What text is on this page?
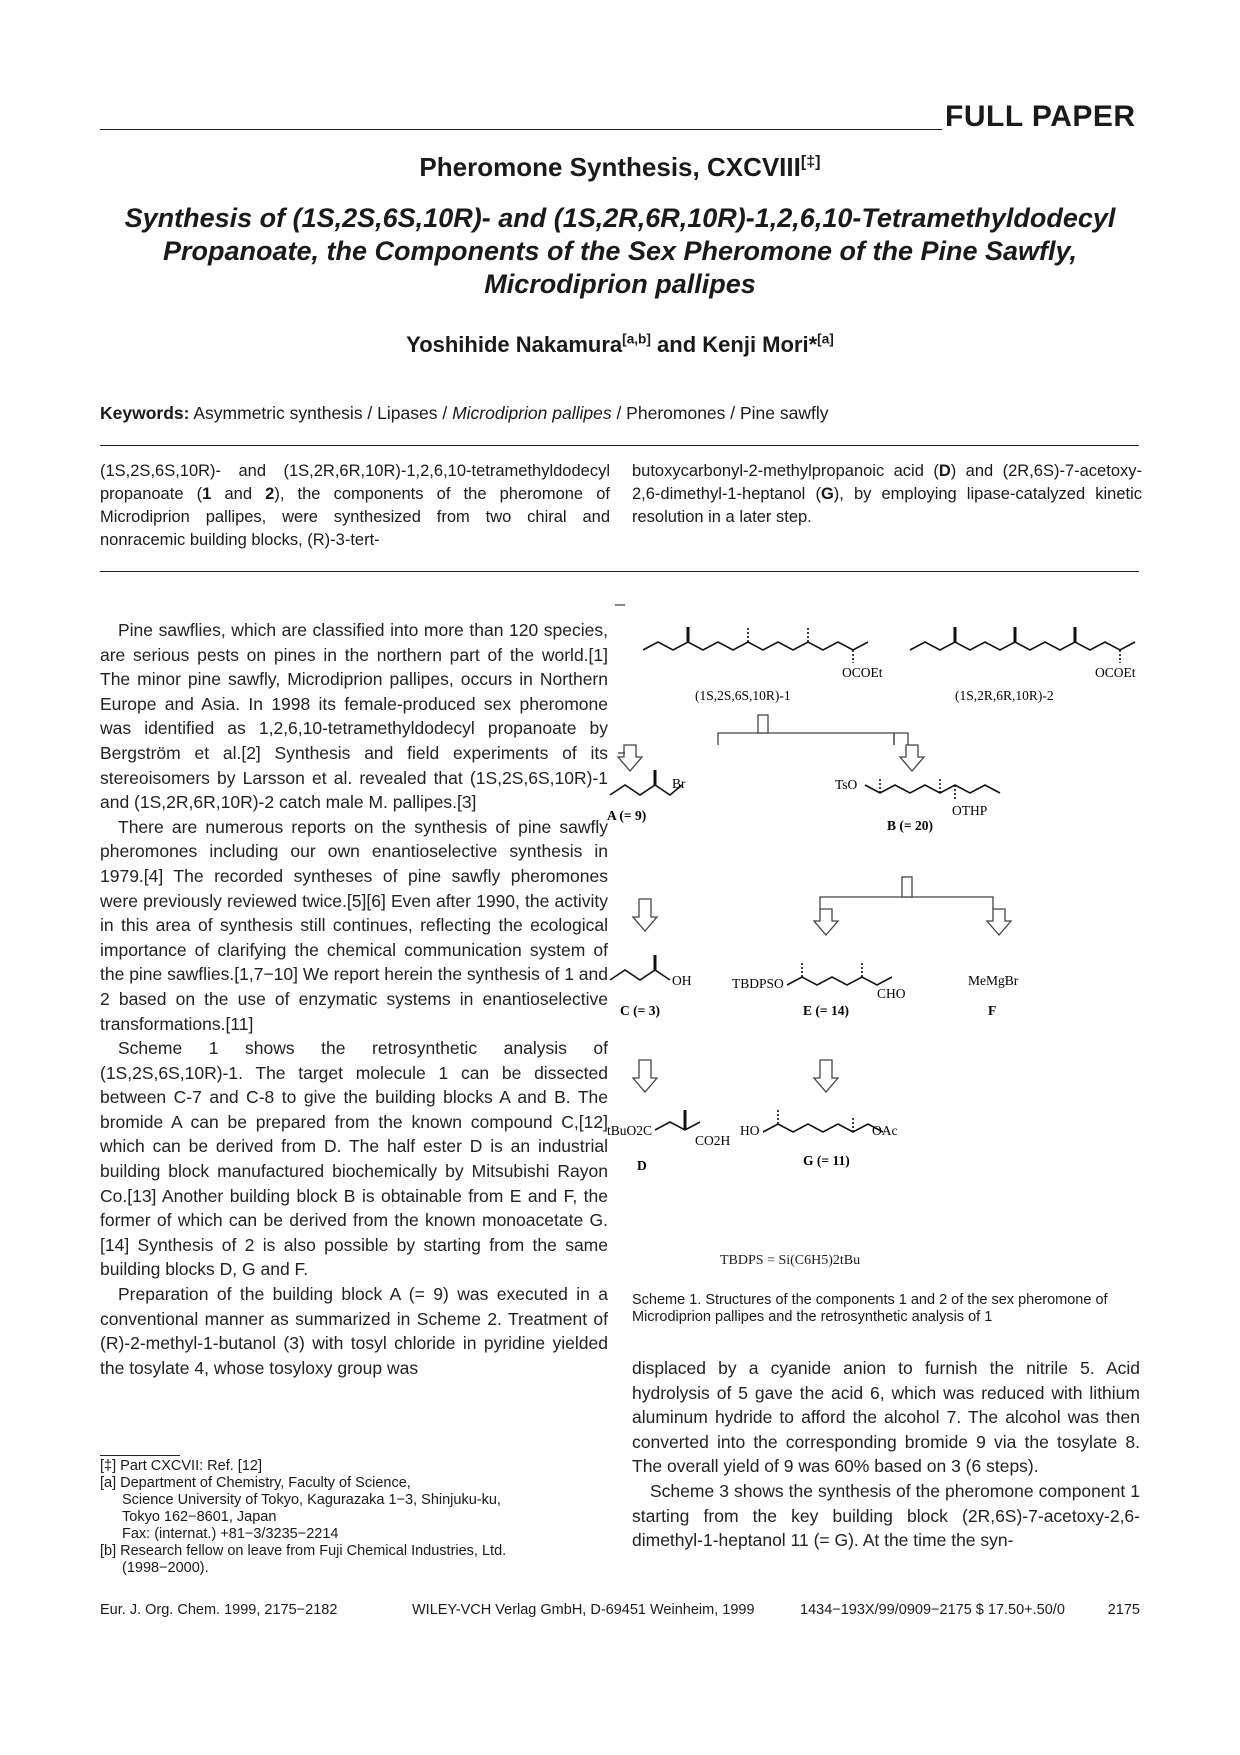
FULL PAPER
Pheromone Synthesis, CXCVIII[‡]
Synthesis of (1S,2S,6S,10R)- and (1S,2R,6R,10R)-1,2,6,10-Tetramethyldodecyl
Propanoate, the Components of the Sex Pheromone of the Pine Sawfly,
Microdiprion pallipes
Yoshihide Nakamura[a,b] and Kenji Mori*[a]
Keywords: Asymmetric synthesis / Lipases / Microdiprion pallipes / Pheromones / Pine sawfly
(1S,2S,6S,10R)- and (1S,2R,6R,10R)-1,2,6,10-tetramethyldodecyl propanoate (1 and 2), the components of the pheromone of Microdiprion pallipes, were synthesized from two chiral and nonracemic building blocks, (R)-3-tert-
butoxycarbonyl-2-methylpropanoic acid (D) and (2R,6S)-7-acetoxy-2,6-dimethyl-1-heptanol (G), by employing lipase-catalyzed kinetic resolution in a later step.

Pine sawflies, which are classified into more than 120 species, are serious pests on pines in the northern part of the world.[1] The minor pine sawfly, Microdiprion pallipes, occurs in Northern Europe and Asia. In 1998 its female-produced sex pheromone was identified as 1,2,6,10-tetramethyldodecyl propanoate by Bergström et al.[2] Synthesis and field experiments of its stereoisomers by Larsson et al. revealed that (1S,2S,6S,10R)-1 and (1S,2R,6R,10R)-2 catch male M. pallipes.[3]

There are numerous reports on the synthesis of pine sawfly pheromones including our own enantioselective synthesis in 1979.[4] The recorded syntheses of pine sawfly pheromones were previously reviewed twice.[5][6] Even after 1990, the activity in this area of synthesis still continues, reflecting the ecological importance of clarifying the chemical communication system of the pine sawflies.[1,7−10] We report herein the synthesis of 1 and 2 based on the use of enzymatic systems in enantioselective transformations.[11]

Scheme 1 shows the retrosynthetic analysis of (1S,2S,6S,10R)-1. The target molecule 1 can be dissected between C-7 and C-8 to give the building blocks A and B. The bromide A can be prepared from the known compound C,[12] which can be derived from D. The half ester D is an industrial building block manufactured biochemically by Mitsubishi Rayon Co.[13] Another building block B is obtainable from E and F, the former of which can be derived from the known monoacetate G.[14] Synthesis of 2 is also possible by starting from the same building blocks D, G and F.

Preparation of the building block A (= 9) was executed in a conventional manner as summarized in Scheme 2. Treatment of (R)-2-methyl-1-butanol (3) with tosyl chloride in pyridine yielded the tosylate 4, whose tosyloxy group was	displaced by a cyanide anion to furnish the nitrile 5. Acid hydrolysis of 5 gave the acid 6, which was reduced with lithium aluminum hydride to afford the alcohol 7. The alcohol was then converted into the corresponding bromide 9 via the tosylate 8. The overall yield of 9 was 60% based on 3 (6 steps).

Scheme 3 shows the synthesis of the pheromone component 1 starting from the key building block (2R,6S)-7-acetoxy-2,6-dimethyl-1-heptanol 11 (= G). At the time the syn-

[‡] Part CXCVII: Ref. [12]
[a] Department of Chemistry, Faculty of Science,
Science University of Tokyo, Kagurazaka 1−3, Shinjuku-ku,
Tokyo 162−8601, Japan
Fax: (internat.) +81−3/3235−2214
[b] Research fellow on leave from Fuji Chemical Industries, Ltd.
(1998−2000).
OCOEt
(1S,2S,6S,10R)-1
OCOEt
(1S,2R,6R,10R)-2
Br
A (= 9)
TsO
OTHP
B (= 20)
OH
C (= 3)
TBDPSO
CHO
E (= 14)
MeMgBr
F
tBuO2C
CO2H
D
HO	OAc
G (= 11)
TBDPS = Si(C6H5)2tBu
Scheme 1. Structures of the components 1 and 2 of the sex pheromone of Microdiprion pallipes and the retrosynthetic analysis of 1
Eur. J. Org. Chem. 1999, 2175−2182	WILEY-VCH Verlag GmbH, D-69451 Weinheim, 1999	1434−193X/99/0909−2175 $ 17.50+.50/0	2175
